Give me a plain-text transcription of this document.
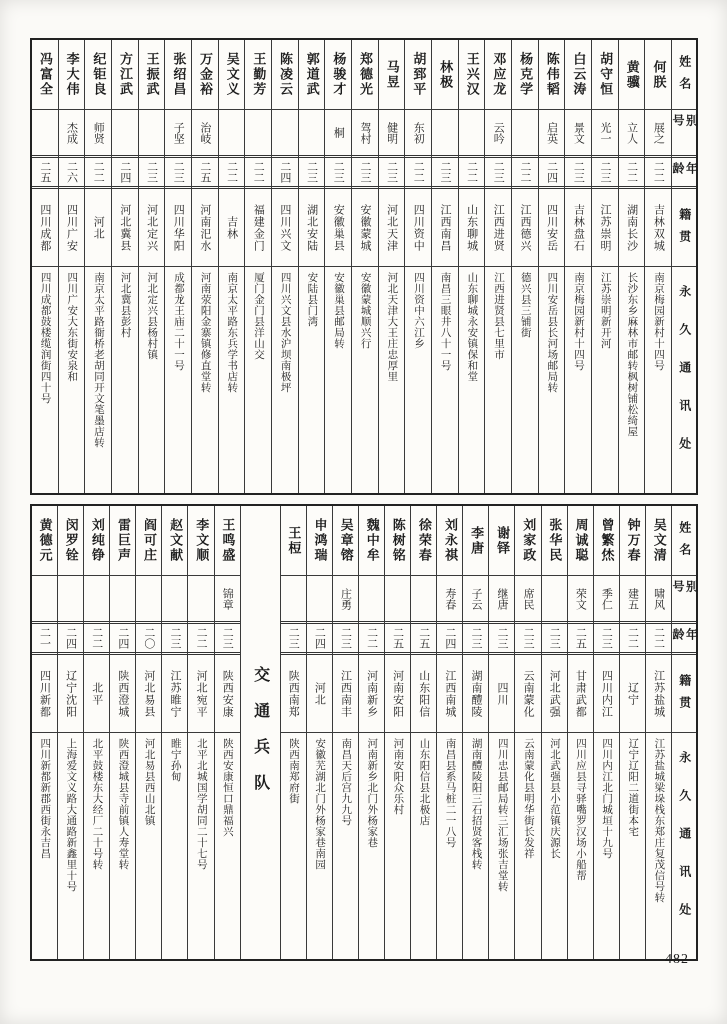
姓名
别号
年龄
籍贯
永久通讯处
何朕
展之
二二
吉林双城
南京梅园新村十四号
黄骥
立人
二二
湖南长沙
长沙东乡麻林市邮转枫树铺松绮屋
胡守恒
光一
二三
江苏崇明
江苏崇明新开河
白云涛
景文
二三
吉林盘石
南京梅园新村十四号
陈伟韬
启英
二四
四川安岳
四川安岳县长河场邮局转
杨克学
二二
江西德兴
德兴县三铺街
邓应龙
云吟
二三
江西进贤
江西进贤县七里市
王兴汉
二二
山东聊城
山东聊城永安镇保和堂
林极
二三
江西南昌
南昌三眼井八十一号
胡郅平
东初
二二
四川资中
四川资中六江乡
马昱
健明
二三
河北天津
河北天津大王庄忠厚里
郑德光
驾村
二三
安徽蒙城
安徽蒙城顺兴行
杨骏才
桐
二三
安徽巢县
安徽巢县邮局转
郭道武
二三
湖北安陆
安陆县门湾
陈凌云
二四
四川兴文
四川兴文县水沪坝南极坪
王勤芳
二二
福建金门
厦门金门县洋山交
吴文义
二二
吉林
南京太平路东兵学书店转
万金裕
治岐
二五
河南汜水
河南荥阳金寨镇修直堂转
张绍昌
子坚
二三
四川华阳
成都龙王庙二十一号
王振武
二三
河北定兴
河北定兴县杨村镇
方江武
二四
河北冀县
河北冀县彭村
纪钜良
师贤
二二
河北
南京太平路衙桥老胡同开文笔墨店转
李大伟
杰成
二六
四川广安
四川广安大东街安泉和
冯富全
二五
四川成都
四川成都鼓楼缆润街四十号
姓名
别号
年龄
籍贯
永久通讯处
吴文清
啸风
二二
江苏盐城
江苏盐城梁垛栈东郑庄复茂信号转
钟万春
建五
二二
辽宁
辽宁辽阳二道街本宅
曾繁烋
季仁
二三
四川内江
四川内江北门城垣十九号
周诚聪
荣文
二五
甘肃武都
四川应县寻驿嘴罗汉场小船帮
张华民
二三
河北武强
河北武强县小范镇庆源长
刘家政
席民
二三
云南蒙化
云南蒙化县明华街长发祥
谢铎
继唐
二三
四川
四川忠县邮局转三汇场张吉堂转
李唐
子云
二三
湖南醴陵
湖南醴陵阳三石招贤客栈转
刘永祺
寿春
二四
江西南城
南昌县系马桩二一八号
徐荣春
二五
山东阳信
山东阳信县北极店
陈树铭
二五
河南安阳
河南安阳众乐村
魏中牟
二二
河南新乡
河南新乡北门外杨家巷
吴章镕
庄勇
二三
江西南丰
南昌天后宫九九号
申鸿瑞
二四
河北
安徽芜湖北门外杨家巷南园
王梪
二三
陕西南郑
陕西南郑府街
交通兵队
王鸣盛
锦章
二三
陕西安康
陕西安康恒口鼎福兴
李文顺
二二
河北宛平
北平北城国学胡同二十七号
赵文献
二三
江苏睢宁
睢宁孙甸
阎可庄
二〇
河北易县
河北易县西山北镇
雷巨声
二四
陕西澄城
陕西澄城县寺前镇人寿堂转
刘纯铮
二二
北平
北平鼓楼东大经厂二十号转
闵罗铨
二四
辽宁沈阳
上海爱文义路大通路新鑫里十号
黄德元
二一
四川新都
四川新都新郡西街永吉昌
482
